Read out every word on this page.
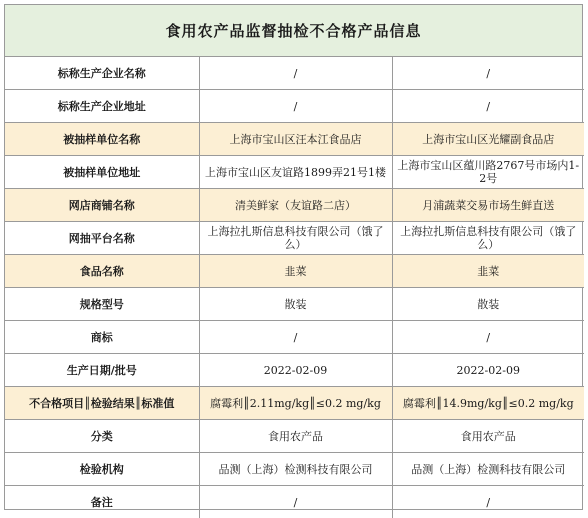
食用农产品监督抽检不合格产品信息
标称生产企业名称	/	/
标称生产企业地址	/	/
被抽样单位名称	上海市宝山区汪本江食品店	上海市宝山区光耀副食品店
被抽样单位地址	上海市宝山区友谊路1899弄21号1楼	上海市宝山区蕴川路2767号市场内1-2号
网店商铺名称	清美鲜家（友谊路二店）	月浦蔬菜交易市场生鲜直送
网抽平台名称	上海拉扎斯信息科技有限公司（饿了么）	上海拉扎斯信息科技有限公司（饿了么）
食品名称	韭菜	韭菜
规格型号	散装	散装
商标	/	/
生产日期/批号	2022-02-09	2022-02-09
不合格项目║检验结果║标准值	腐霉利║2.11mg/kg║≤0.2 mg/kg	腐霉利║14.9mg/kg║≤0.2 mg/kg
分类	食用农产品	食用农产品
检验机构	品测（上海）检测科技有限公司	品测（上海）检测科技有限公司
备注	/	/
